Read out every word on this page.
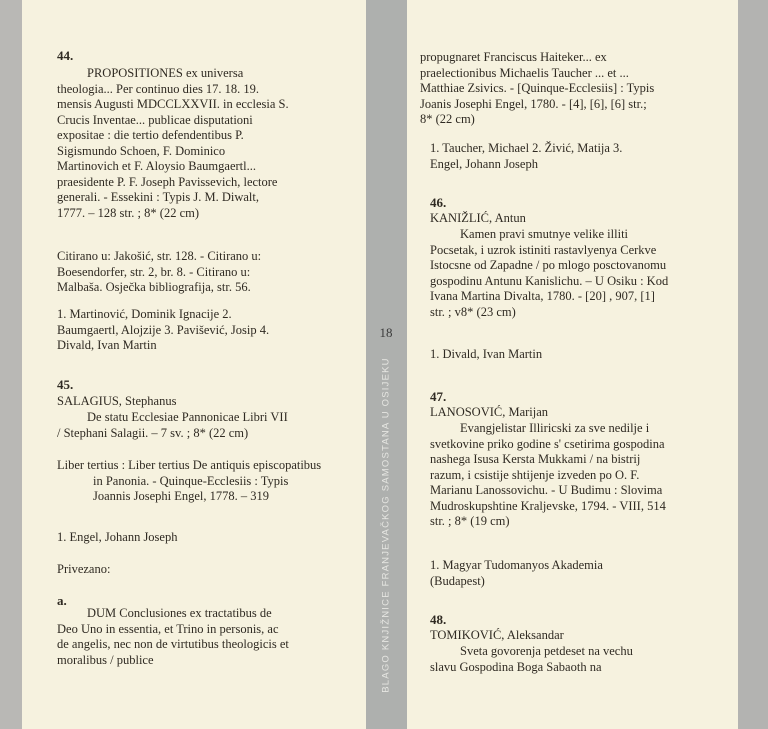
18
BLAGO KNJIŽNICE FRANJEVAČKOG SAMOSTANA U OSIJEKU
44.

PROPOSITIONES ex universa theologia... Per continuo dies 17. 18. 19. mensis Augusti MDCCLXXVII. in ecclesia S. Crucis Inventae... publicae disputationi expositae : die tertio defendentibus P. Sigismundo Schoen, F. Dominico Martinovich et F. Aloysio Baumgaertl... praesidente P. F. Joseph Pavissevich, lectore generali. - Essekini : Typis J. M. Diwalt, 1777. – 128 str. ; 8* (22 cm)

Citirano u: Jakošić, str. 128. - Citirano u: Boesendorfer, str. 2, br. 8. - Citirano u: Malbaša. Osječka bibliografija, str. 56.

1. Martinović, Dominik Ignacije 2. Baumgaertl, Alojzije 3. Pavišević, Josip 4. Divald, Ivan Martin

45.

SALAGIUS, Stephanus

De statu Ecclesiae Pannonicae Libri VII / Stephani Salagii. – 7 sv. ; 8* (22 cm)

Liber tertius : Liber tertius De antiquis episcopatibus in Panonia. - Quinque-Ecclesiis : Typis Joannis Josephi Engel, 1778. – 319

1. Engel, Johann Joseph

Privezano:

a.

DUM Conclusiones ex tractatibus de Deo Uno in essentia, et Trino in personis, ac de angelis, nec non de virtutibus theologicis et moralibus / publice

propugnaret Franciscus Haiteker... ex praelectionibus Michaelis Taucher ... et ... Matthiae Zsivics. - [Quinque-Ecclesiis] : Typis Joanis Josephi Engel, 1780. - [4], [6], [6] str.; 8* (22 cm)

1. Taucher, Michael 2. Živić, Matija 3. Engel, Johann Joseph

46.

KANIŽLIĆ, Antun

Kamen pravi smutnye velike illiti Pocsetak, i uzrok istiniti rastavlyenya Cerkve Istocsne od Zapadne / po mlogo posctovanomu gospodinu Antunu Kanislichu. – U Osiku : Kod Ivana Martina Divalta, 1780. - [20] , 907, [1] str. ; v8* (23 cm)

1. Divald, Ivan Martin

47.

LANOSOVIĆ, Marijan

Evangjelistar Illiricski za sve nedilje i svetkovine priko godine s' csetirima gospodina nashega Isusa Kersta Mukkami / na bistrij razum, i csistije shtijenje izveden po O. F. Marianu Lanossovichu. - U Budimu : Slovima Mudroskupshtine Kraljevske, 1794. - VIII, 514 str. ; 8* (19 cm)

1. Magyar Tudomanyos Akademia (Budapest)

48.

TOMIKOVIĆ, Aleksandar

Sveta govorenja petdeset na vechu slavu Gospodina Boga Sabaoth na
